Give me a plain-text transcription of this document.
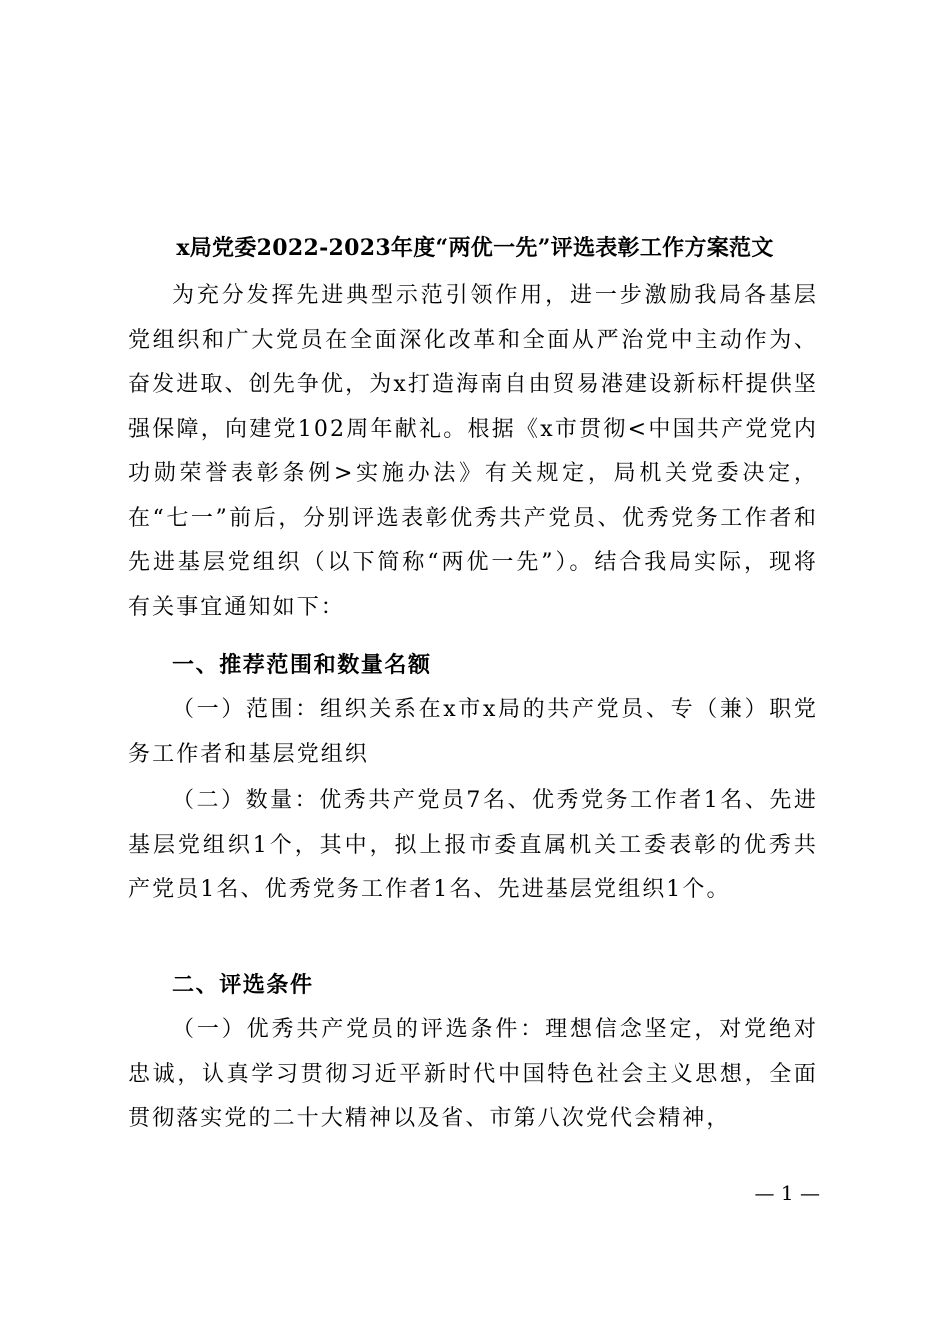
x局党委2022-2023年度“两优一先”评选表彰工作方案范文

为充分发挥先进典型示范引领作用，进一步激励我局各基层党组织和广大党员在全面深化改革和全面从严治党中主动作为、奋发进取、创先争优，为x打造海南自由贸易港建设新标杆提供坚强保障，向建党102周年献礼。根据《x市贯彻<中国共产党党内功勋荣誉表彰条例>实施办法》有关规定，局机关党委决定，在“七一”前后，分别评选表彰优秀共产党员、优秀党务工作者和先进基层党组织（以下简称“两优一先”）。结合我局实际，现将有关事宜通知如下：

一、推荐范围和数量名额

（一）范围：组织关系在x市x局的共产党员、专（兼）职党务工作者和基层党组织

（二）数量：优秀共产党员7名、优秀党务工作者1名、先进基层党组织1个，其中，拟上报市委直属机关工委表彰的优秀共产党员1名、优秀党务工作者1名、先进基层党组织1个。

二、评选条件

（一）优秀共产党员的评选条件：理想信念坚定，对党绝对忠诚，认真学习贯彻习近平新时代中国特色社会主义思想，全面贯彻落实党的二十大精神以及省、市第八次党代会精神，

— 1 —
